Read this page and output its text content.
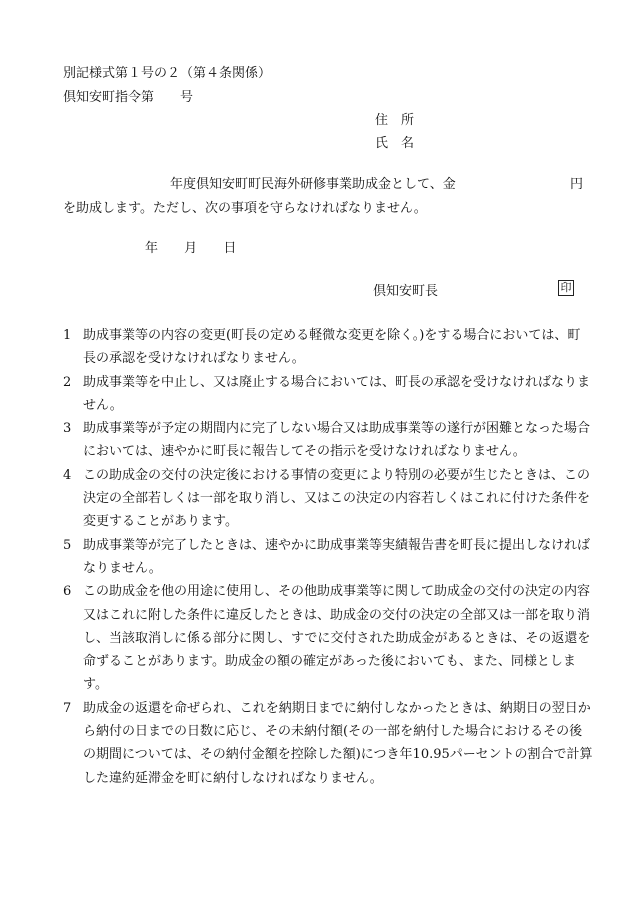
別記様式第１号の２（第４条関係）
倶知安町指令第　　号
住　所
氏　名
年度倶知安町町民海外研修事業助成金として、金	円
を助成します。ただし、次の事項を守らなければなりません。
年 月 日
倶知安町長	印
1 助成事業等の内容の変更(町長の定める軽微な変更を除く。)をする場合においては、町長の承認を受けなければなりません。
2 助成事業等を中止し、又は廃止する場合においては、町長の承認を受けなければなりません。
3 助成事業等が予定の期間内に完了しない場合又は助成事業等の遂行が困難となった場合においては、速やかに町長に報告してその指示を受けなければなりません。
4 この助成金の交付の決定後における事情の変更により特別の必要が生じたときは、この決定の全部若しくは一部を取り消し、又はこの決定の内容若しくはこれに付けた条件を変更することがあります。
5 助成事業等が完了したときは、速やかに助成事業等実績報告書を町長に提出しなければなりません。
6 この助成金を他の用途に使用し、その他助成事業等に関して助成金の交付の決定の内容又はこれに附した条件に違反したときは、助成金の交付の決定の全部又は一部を取り消し、当該取消しに係る部分に関し、すでに交付された助成金があるときは、その返還を命ずることがあります。助成金の額の確定があった後においても、また、同様とします。
7 助成金の返還を命ぜられ、これを納期日までに納付しなかったときは、納期日の翌日から納付の日までの日数に応じ、その未納付額(その一部を納付した場合におけるその後の期間については、その納付金額を控除した額)につき年10.95パーセントの割合で計算した違約延滞金を町に納付しなければなりません。
